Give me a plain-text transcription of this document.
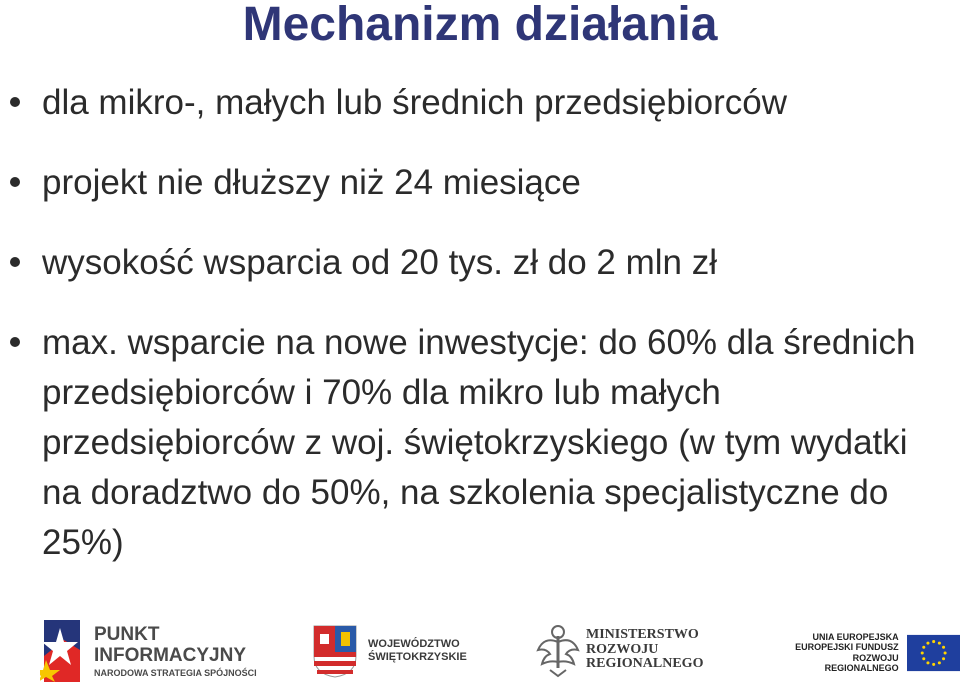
Mechanizm działania
dla mikro-, małych lub średnich przedsiębiorców
projekt nie dłuższy niż 24 miesiące
wysokość wsparcia od 20 tys. zł do 2 mln zł
max. wsparcie na nowe inwestycje: do 60% dla średnich przedsiębiorców i 70% dla mikro lub małych przedsiębiorców z woj. świętokrzyskiego (w tym wydatki na doradztwo do 50%, na szkolenia specjalistyczne do 25%)
PUNKT
INFORMACYJNY
NARODOWA STRATEGIA SPÓJNOŚCI
WOJEWÓDZTWO
ŚWIĘTOKRZYSKIE
MINISTERSTWO
ROZWOJU
REGIONALNEGO
UNIA EUROPEJSKA
EUROPEJSKI FUNDUSZ
ROZWOJU REGIONALNEGO
